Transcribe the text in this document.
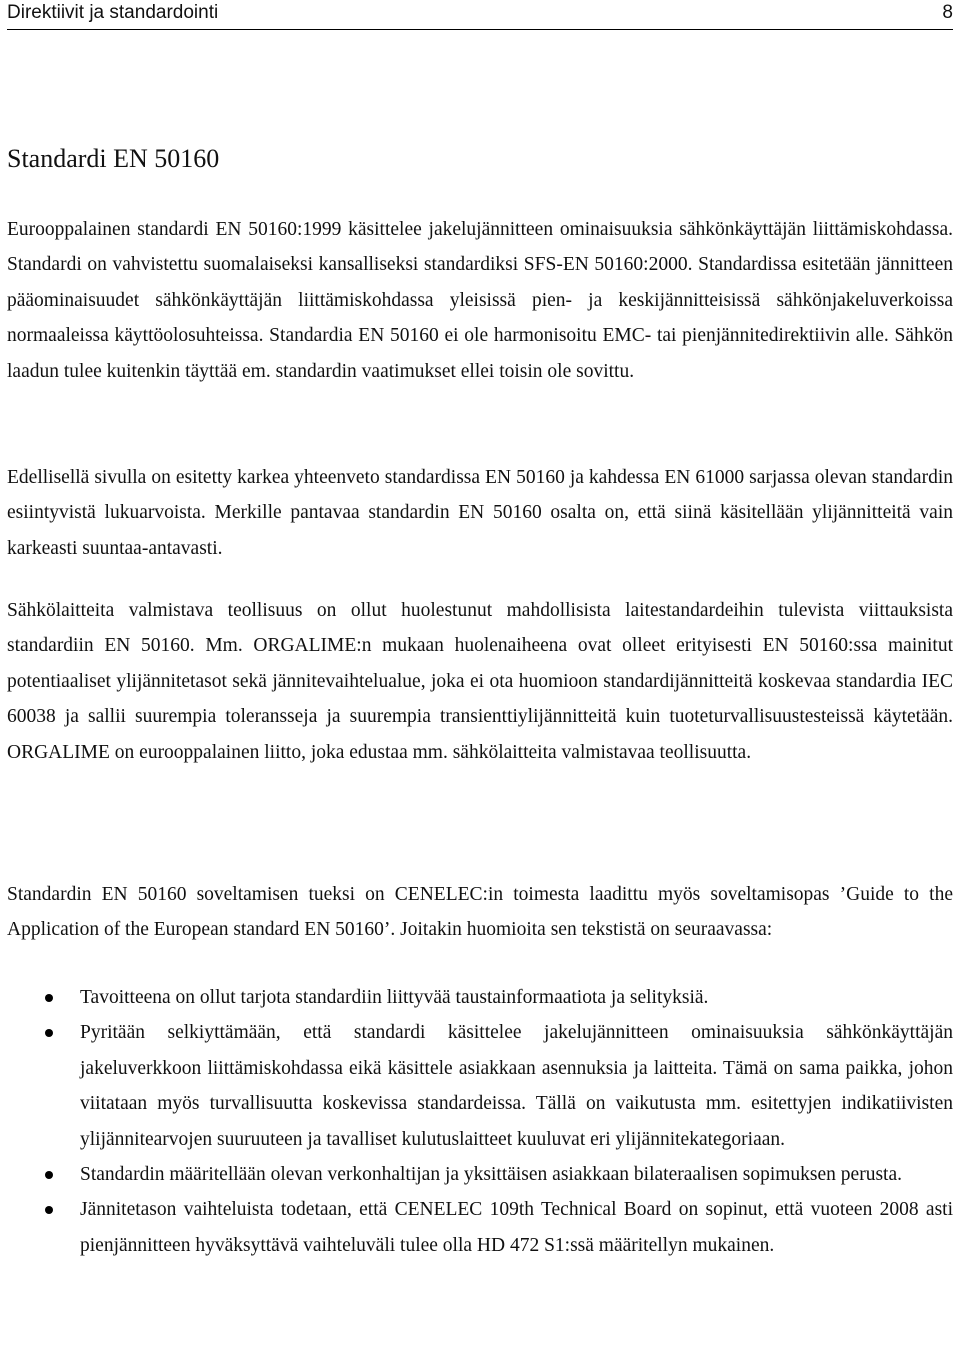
Direktiivit ja standardointi	8
Standardi EN 50160

Eurooppalainen standardi EN 50160:1999 käsittelee jakelujännitteen ominaisuuksia sähkönkäyttäjän liittämiskohdassa. Standardi on vahvistettu suomalaiseksi kansalliseksi standardiksi SFS-EN 50160:2000. Standardissa esitetään jännitteen pääominaisuudet sähkönkäyttäjän liittämiskohdassa yleisissä pien- ja keskijännitteisissä sähkönjakeluverkoissa normaaleissa käyttöolosuhteissa. Standardia EN 50160 ei ole harmonisoitu EMC- tai pienjännitedirektiivin alle. Sähkön laadun tulee kuitenkin täyttää em. standardin vaatimukset ellei toisin ole sovittu.

Edellisellä sivulla on esitetty karkea yhteenveto standardissa EN 50160 ja kahdessa EN 61000 sarjassa olevan standardin esiintyvistä lukuarvoista. Merkille pantavaa standardin EN 50160 osalta on, että siinä käsitellään ylijännitteitä vain karkeasti suuntaa-antavasti.

Sähkölaitteita valmistava teollisuus on ollut huolestunut mahdollisista laitestandardeihin tulevista viittauksista standardiin EN 50160. Mm. ORGALIME:n mukaan huolenaiheena ovat olleet erityisesti EN 50160:ssa mainitut potentiaaliset ylijännitetasot sekä jännitevaihtelualue, joka ei ota huomioon standardijännitteitä koskevaa standardia IEC 60038 ja sallii suurempia toleransseja ja suurempia transienttiylijännitteitä kuin tuoteturvallisuustesteissä käytetään. ORGALIME on eurooppalainen liitto, joka edustaa mm. sähkölaitteita valmistavaa teollisuutta.

Standardin EN 50160 soveltamisen tueksi on CENELEC:in toimesta laadittu myös soveltamisopas ’Guide to the Application of the European standard EN 50160’. Joitakin huomioita sen tekstistä on seuraavassa:

Tavoitteena on ollut tarjota standardiin liittyvää taustainformaatiota ja selityksiä.
Pyritään selkiyttämään, että standardi käsittelee jakelujännitteen ominaisuuksia sähkönkäyttäjän jakeluverkkoon liittämiskohdassa eikä käsittele asiakkaan asennuksia ja laitteita. Tämä on sama paikka, johon viitataan myös turvallisuutta koskevissa standardeissa. Tällä on vaikutusta mm. esitettyjen indikatiivisten ylijännitearvojen suuruuteen ja tavalliset kulutuslaitteet kuuluvat eri ylijännitekategoriaan.
Standardin määritellään olevan verkonhaltijan ja yksittäisen asiakkaan bilateraalisen sopimuksen perusta.
Jännitetason vaihteluista todetaan, että CENELEC 109th Technical Board on sopinut, että vuoteen 2008 asti pienjännitteen hyväksyttävä vaihteluväli tulee olla HD 472 S1:ssä määritellyn mukainen.
